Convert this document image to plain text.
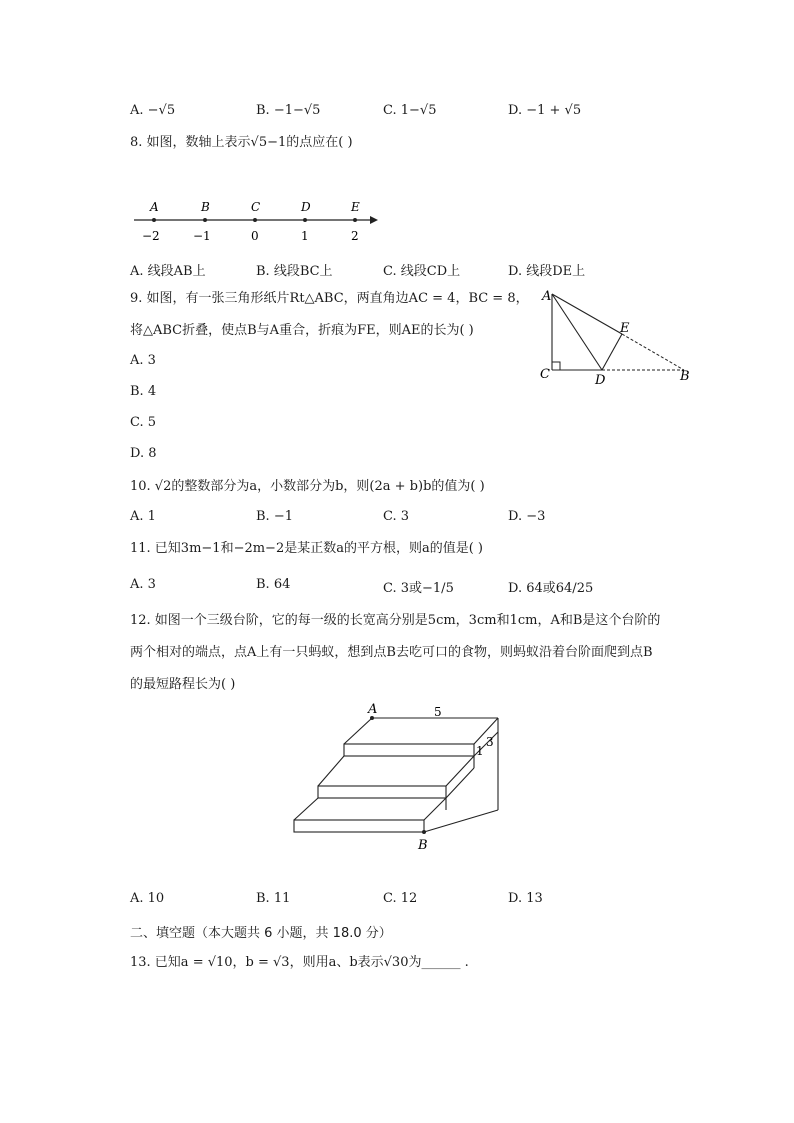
A. −√5	B. −1−√5	C. 1−√5	D. −1 + √5
8. 如图，数轴上表示√5−1的点应在( )
A	B	C	D	E
−2	−1	0	1	2
A. 线段AB上	B. 线段BC上	C. 线段CD上	D. 线段DE上
9. 如图，有一张三角形纸片Rt△ABC，两直角边AC = 4，BC = 8，
将△ABC折叠，使点B与A重合，折痕为FE，则AE的长为( )
A
E
C	D	B
A. 3
B. 4
C. 5
D. 8
10. √2的整数部分为a，小数部分为b，则(2a + b)b的值为( )
A. 1	B. −1	C. 3	D. −3
11. 已知3m−1和−2m−2是某正数a的平方根，则a的值是( )
A. 3	B. 64	C. 3或−1/5	D. 64或64/25
12. 如图一个三级台阶，它的每一级的长宽高分别是5cm，3cm和1cm，A和B是这个台阶的
两个相对的端点，点A上有一只蚂蚁，想到点B去吃可口的食物，则蚂蚁沿着台阶面爬到点B
的最短路程长为( )
A	5
3
1
B
A. 10	B. 11	C. 12	D. 13
二、填空题（本大题共 6 小题，共 18.0 分）
13. 已知a = √10，b = √3，则用a、b表示√30为______ .
